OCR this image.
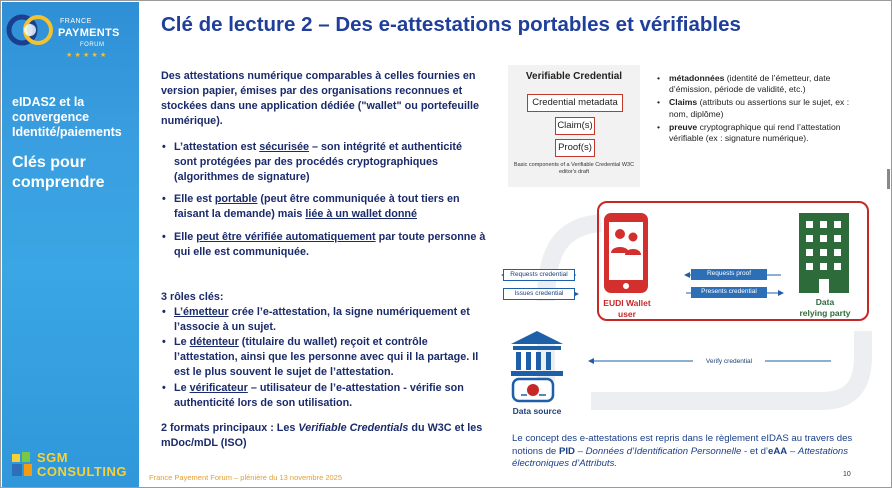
FRANCE
PAYMENTS
FORUM
★ ★ ★ ★ ★
eIDAS2 et la convergence Identité/paiements
Clés pour comprendre
SGM
CONSULTING
Clé de lecture 2 – Des e-attestations portables et vérifiables
Des attestations numérique comparables à celles fournies en version papier, émises par des organisations reconnues et stockées dans une application dédiée ("wallet" ou portefeuille numérique).
• L’attestation est sécurisée – son intégrité et authenticité sont protégées par des procédés cryptographiques (algorithmes de signature)
• Elle est portable (peut être communiquée à tout tiers en faisant la demande) mais liée à un wallet donné
• Elle peut être vérifiée automatiquement par toute personne à qui elle est communiquée.
3 rôles clés:
• L’émetteur crée l’e-attestation, la signe numériquement et l’associe à un sujet.
• Le détenteur (titulaire du wallet) reçoit et contrôle l’attestation, ainsi que les personne avec qui il la partage. Il est le plus souvent le sujet de l’attestation.
• Le vérificateur – utilisateur de l’e-attestation - vérifie son authenticité lors de son utilisation.
2 formats principaux : Les Verifiable Credentials du W3C et les mDoc/mDL (ISO)
Verifiable Credential
Credential metadata
Claim(s)
Proof(s)
Basic components of a Verifiable Credential W3C editor's draft
• métadonnées (identité de l’émetteur, date d’émission, période de validité, etc.)
• Claims (attributs ou assertions sur le sujet, ex : nom, diplôme)
• preuve cryptographique qui rend l’attestation vérifiable (ex : signature numérique).
Requests credential
Issues credential
Requests proof
Presents credential
Verify credential
EUDI Wallet
user
Data
relying party
Data source
Le concept des e-attestations est repris dans le règlement eIDAS au travers des notions de PID – Données d’Identification Personnelle - et d’eAA – Attestations électroniques d’Attributs.
France Payement Forum – plénière du 13 novembre 2025	10
